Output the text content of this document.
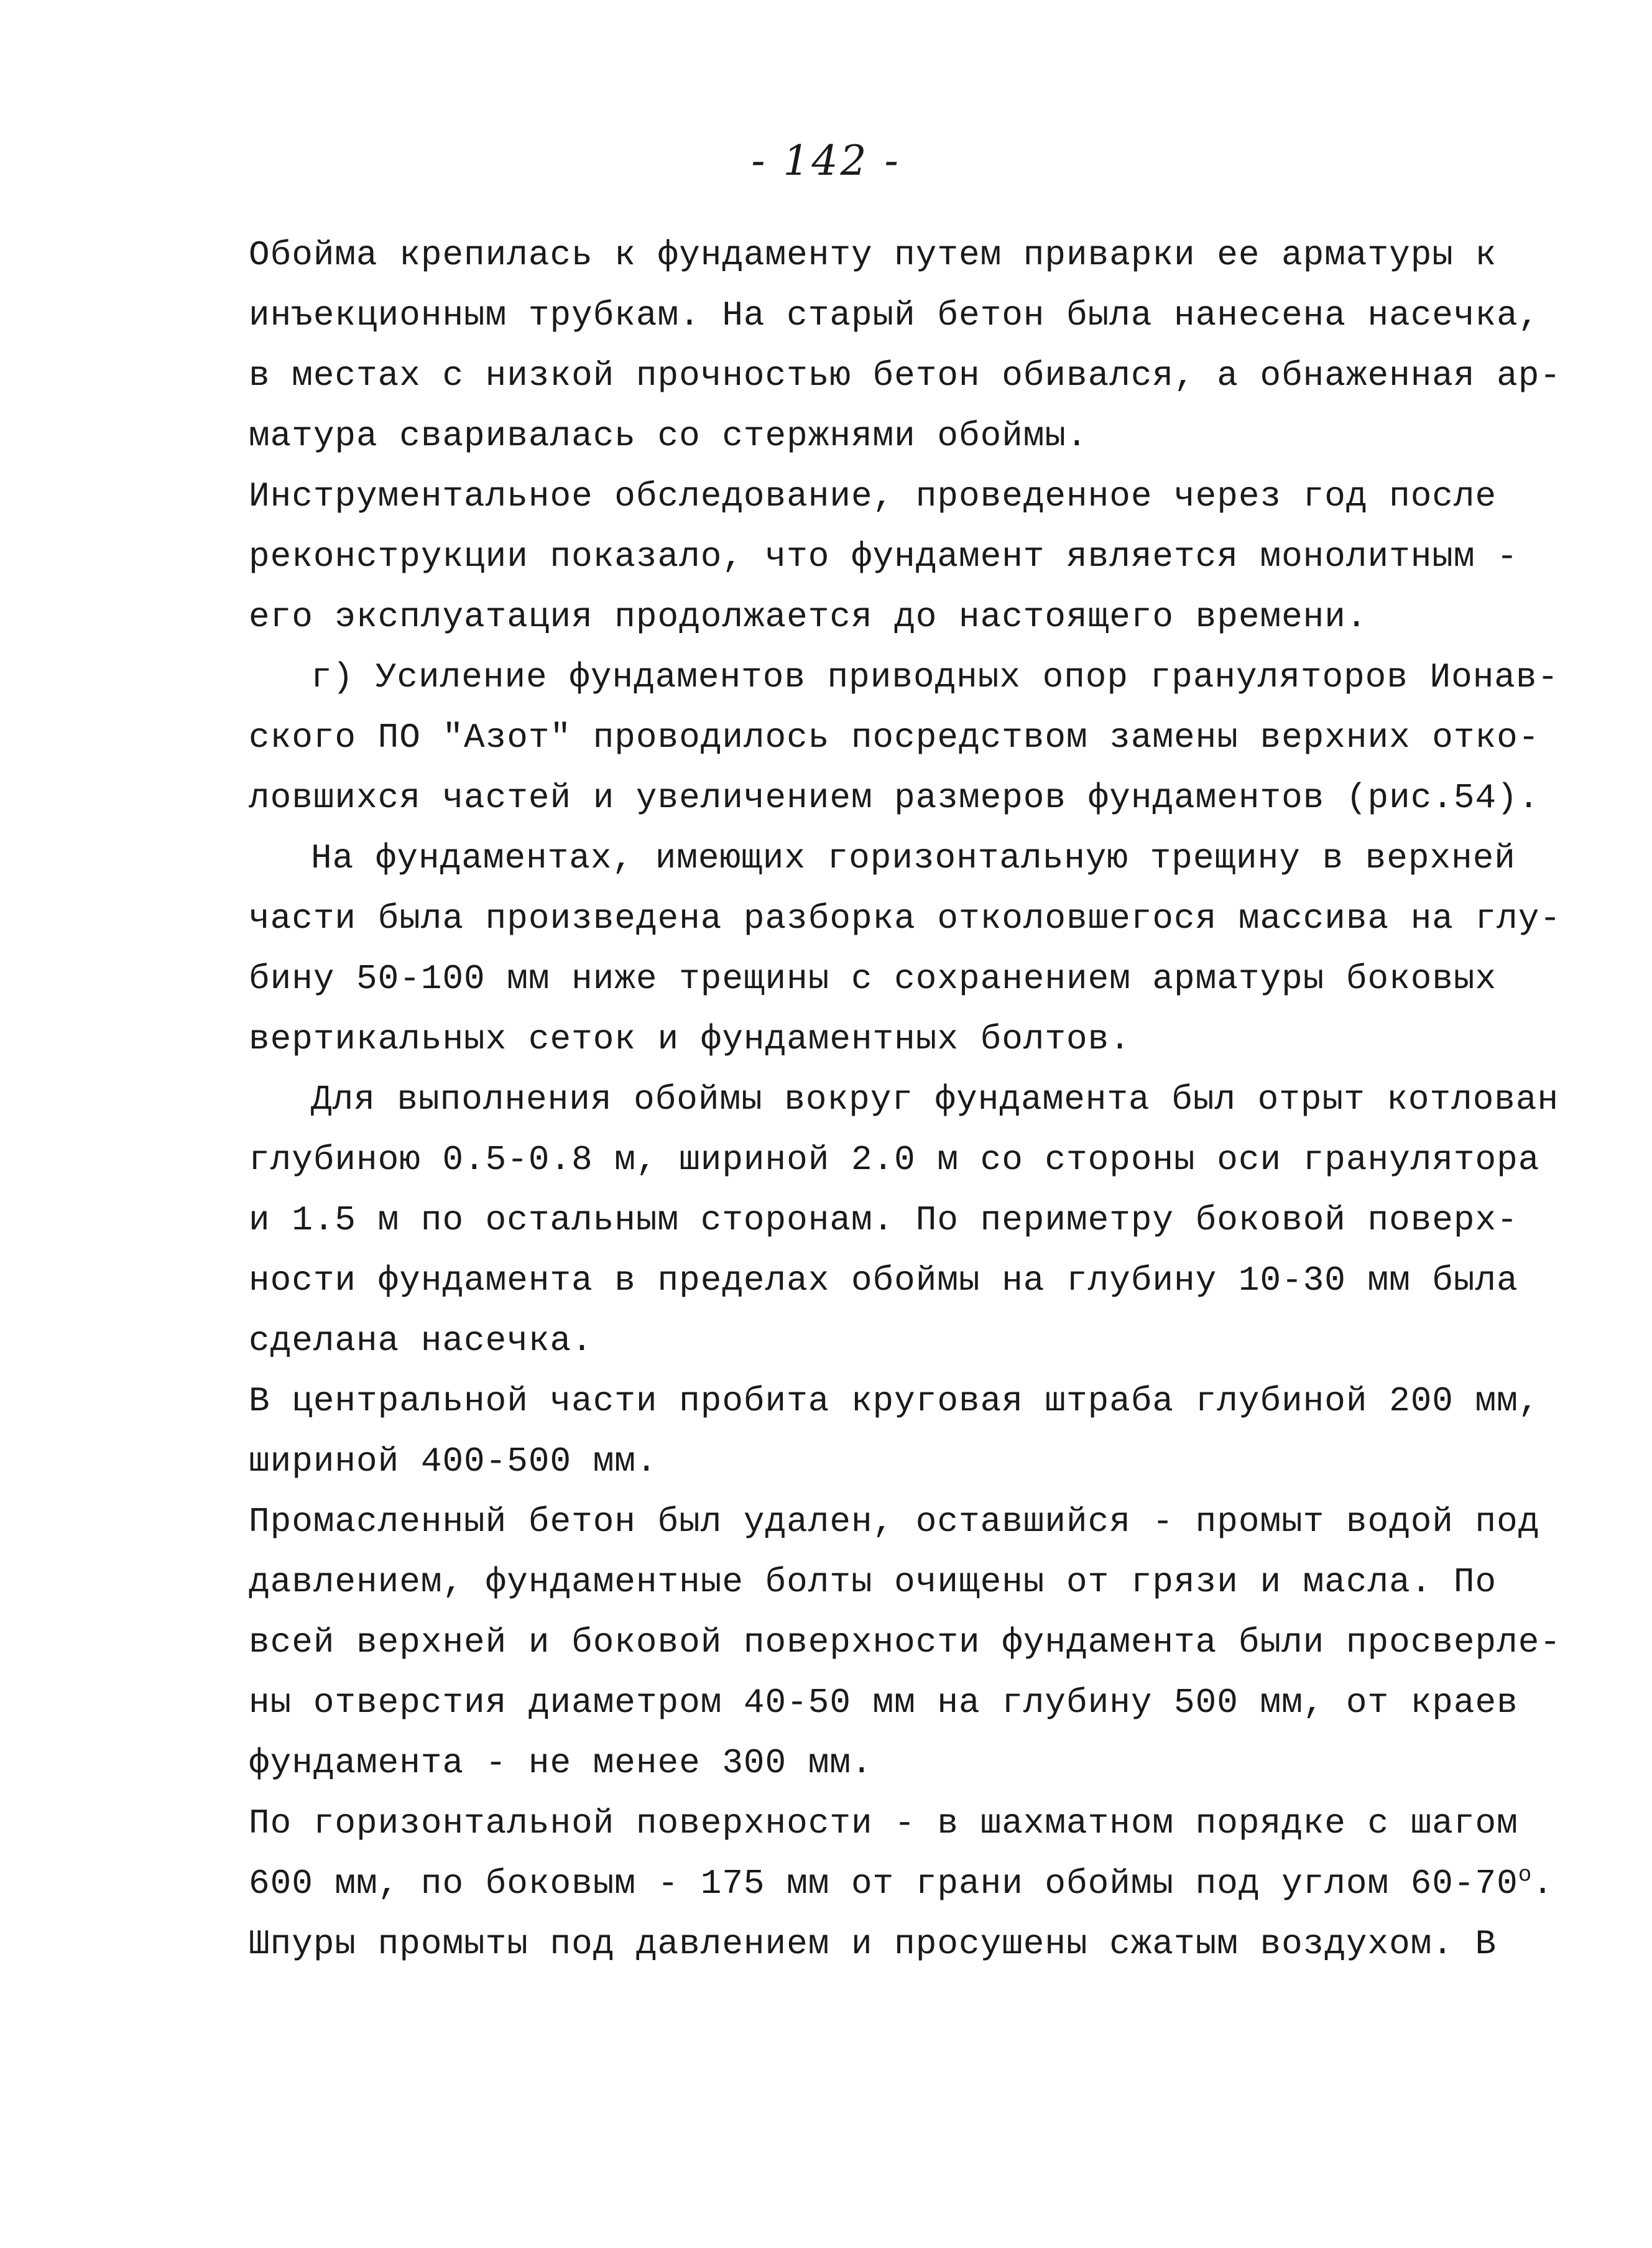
- 142 -
Обойма крепилась к фундаменту путем приварки ее арматуры к
инъекционным трубкам. На старый бетон была нанесена насечка,
в местах с низкой прочностью бетон обивался, а обнаженная ар-
матура сваривалась со стержнями обоймы.
Инструментальное обследование, проведенное через год после
реконструкции показало, что фундамент является монолитным -
его эксплуатация продолжается до настоящего времени.
г) Усиление фундаментов приводных опор грануляторов Ионав-
ского ПО "Азот" проводилось посредством замены верхних отко-
ловшихся частей и увеличением размеров фундаментов (рис.54).
На фундаментах, имеющих горизонтальную трещину в верхней
части была произведена разборка отколовшегося массива на глу-
бину 50-100 мм ниже трещины с сохранением арматуры боковых
вертикальных сеток и фундаментных болтов.
Для выполнения обоймы вокруг фундамента был отрыт котлован
глубиною 0.5-0.8 м, шириной 2.0 м со стороны оси гранулятора
и 1.5 м по остальным сторонам. По периметру боковой поверх-
ности фундамента в пределах обоймы на глубину 10-30 мм была
сделана насечка.
В центральной части пробита круговая штраба глубиной 200 мм,
шириной 400-500 мм.
Промасленный бетон был удален, оставшийся - промыт водой под
давлением, фундаментные болты очищены от грязи и масла. По
всей верхней и боковой поверхности фундамента были просверле-
ны отверстия диаметром 40-50 мм на глубину 500 мм, от краев
фундамента - не менее 300 мм.
По горизонтальной поверхности - в шахматном порядке с шагом
600 мм, по боковым - 175 мм от грани обоймы под углом 60-70$^o$.
Шпуры промыты под давлением и просушены сжатым воздухом. В
